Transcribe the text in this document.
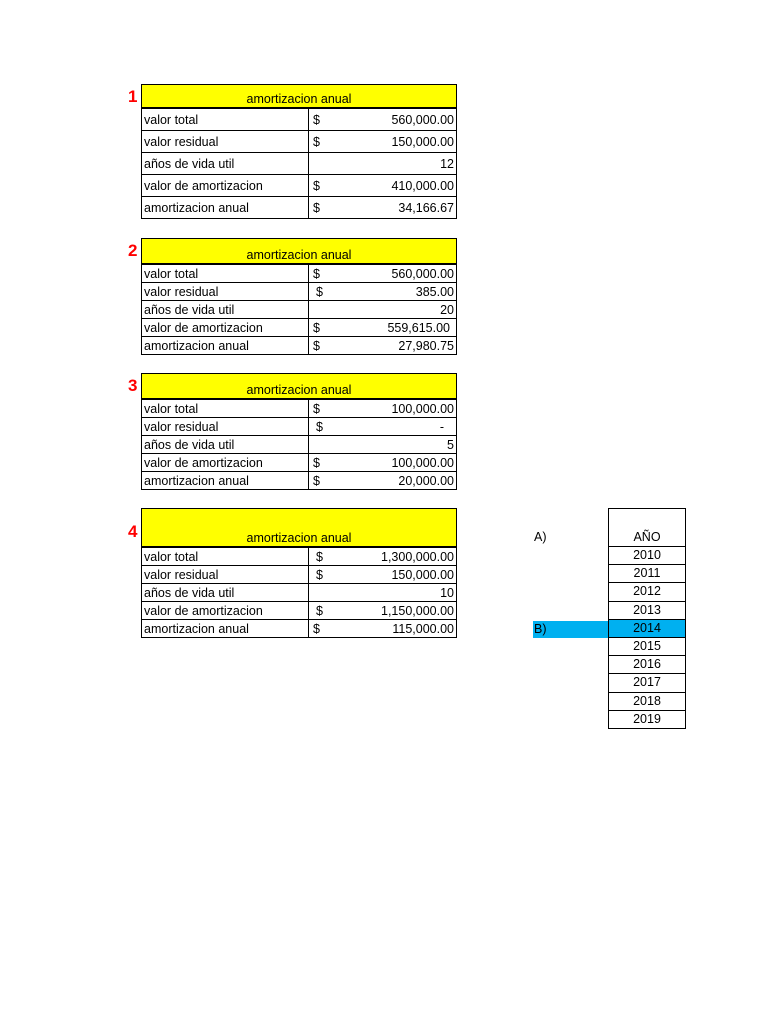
1	amortizacion anual
valor total	$ 560,000.00

valor residual	$ 150,000.00

años de vida util	12

valor de amortizacion	$ 410,000.00

amortizacion anual	$ 34,166.67
2	amortizacion anual
valor total	$ 560,000.00

valor residual	$ 385.00

años de vida util	20

valor de amortizacion	$ 559,615.00

amortizacion anual	$ 27,980.75
3	amortizacion anual
valor total	$ 100,000.00

valor residual	$ -

años de vida util	5

valor de amortizacion	$ 100,000.00

amortizacion anual	$ 20,000.00
4	amortizacion anual
valor total	$ 1,300,000.00

valor residual	$ 150,000.00

años de vida util	10

valor de amortizacion	$ 1,150,000.00

amortizacion anual	$ 115,000.00
A)
B)
AÑO
2010
2011
2012
2013
2014
2015
2016
2017
2018
2019
